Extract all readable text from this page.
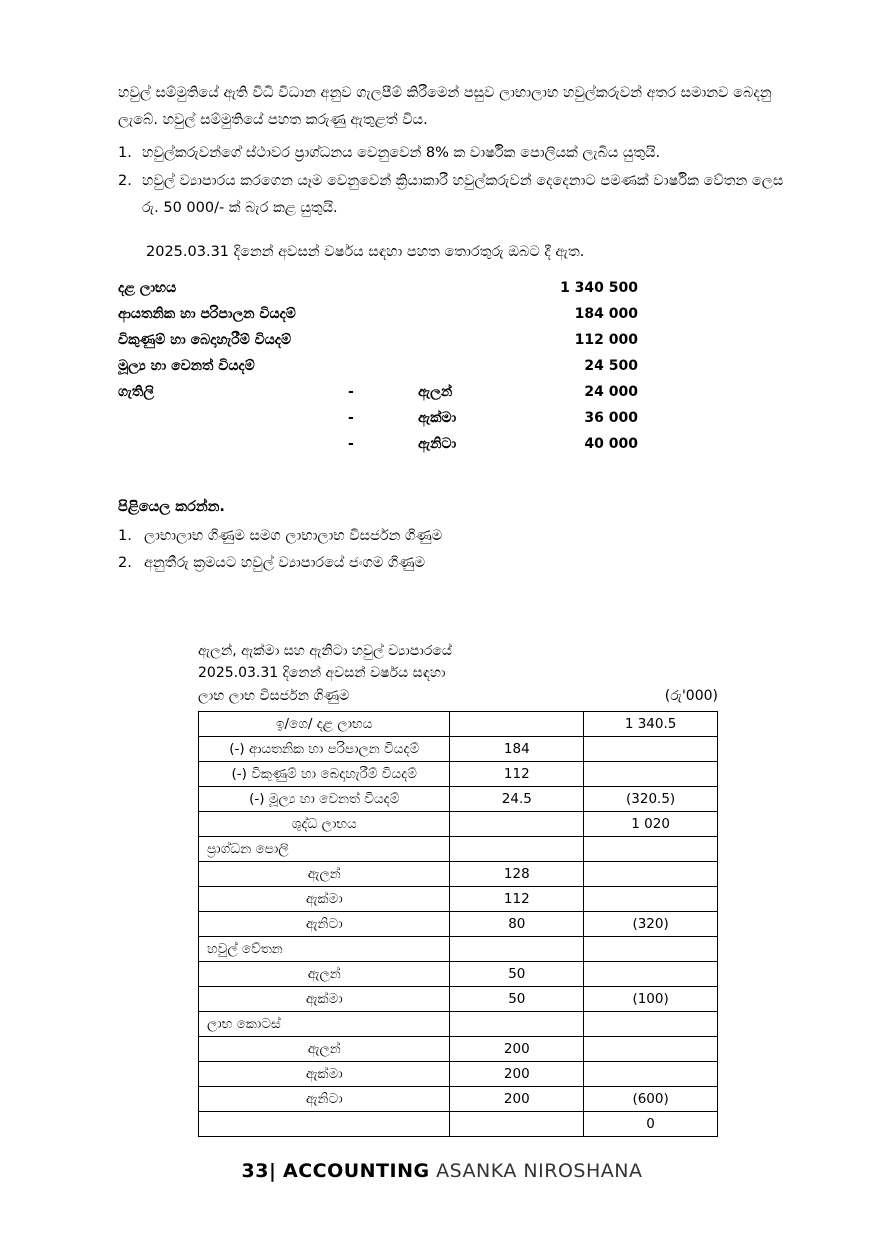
හවුල් සම්මුතියේ ඇති විධි විධාන අනුව ගැලපීම් කිරීමෙන් පසුව ලාභාලාභ හවුල්කරුවන් අතර සමානව බෙදනු ලැබේ. හවුල් සම්මුතියේ පහත කරුණු ඇතුළත් විය.

1. හවුල්කරුවන්ගේ ස්ථාවර ප්‍රාග්ධනය වෙනුවෙන් 8% ක වාර්ෂික පොලියක් ලැබිය යුතුයි.
2. හවුල් ව්‍යාපාරය කරගෙන යෑම වෙනුවෙන් ක්‍රියාකාරී හවුල්කරුවන් දෙදෙනාට පමණක් වාර්ෂික වේතන ලෙස රු. 50 000/- ක් බැර කළ යුතුයි.
2025.03.31 දිනෙන් අවසන් වර්ෂය සඳහා පහත තොරතුරු ඔබට දී ඇත.
දළ ලාභය			1 340 500
ආයතනික හා පරිපාලන වියදම්			184 000
විකුණුම් හා බෙදාහැරීම් වියදම්			112 000
මූල්‍ය හා වෙනත් වියදම්			24 500
ගැතිලි	-	ඇලන්	24 000
	-	ඇක්මා	36 000
	-	ඇනිටා	40 000
පිළියෙල කරන්න.
1. ලාභාලාභ ගිණුම සමග ලාභාලාභ විසර්ජන ගිණුම
2. අනුතීරු ක්‍රමයට හවුල් ව්‍යාපාරයේ ජංගම ගිණුම
ඇලන්, ඇක්මා සහ ඇනිටා හවුල් ව්‍යාපාරයේ
2025.03.31 දිනෙන් අවසන් වර්ෂය සඳහා
ලාභ ලාභ විසර්ජන ගිණුම	(රු'000)
ඉ/ගෙ/ දළ ලාභය		1 340.5
(-) ආයතනික හා පරිපාලන වියදම්	184	
(-) විකුණුම් හා බෙදාහැරීම් වියදම්	112	
(-) මූල්‍ය හා වෙනත් වියදම්	24.5	(320.5)
ශුද්ධ ලාභය		1 020
ප්‍රාග්ධන පොලි		
ඇලන්	128	
ඇක්මා	112	
ඇනිටා	80	(320)
හවුල් වේතන		
ඇලන්	50	
ඇක්මා	50	(100)
ලාභ කොටස්		
ඇලන්	200	
ඇක්මා	200	
ඇනිටා	200	(600)
		0
33| ACCOUNTING ASANKA NIROSHANA
